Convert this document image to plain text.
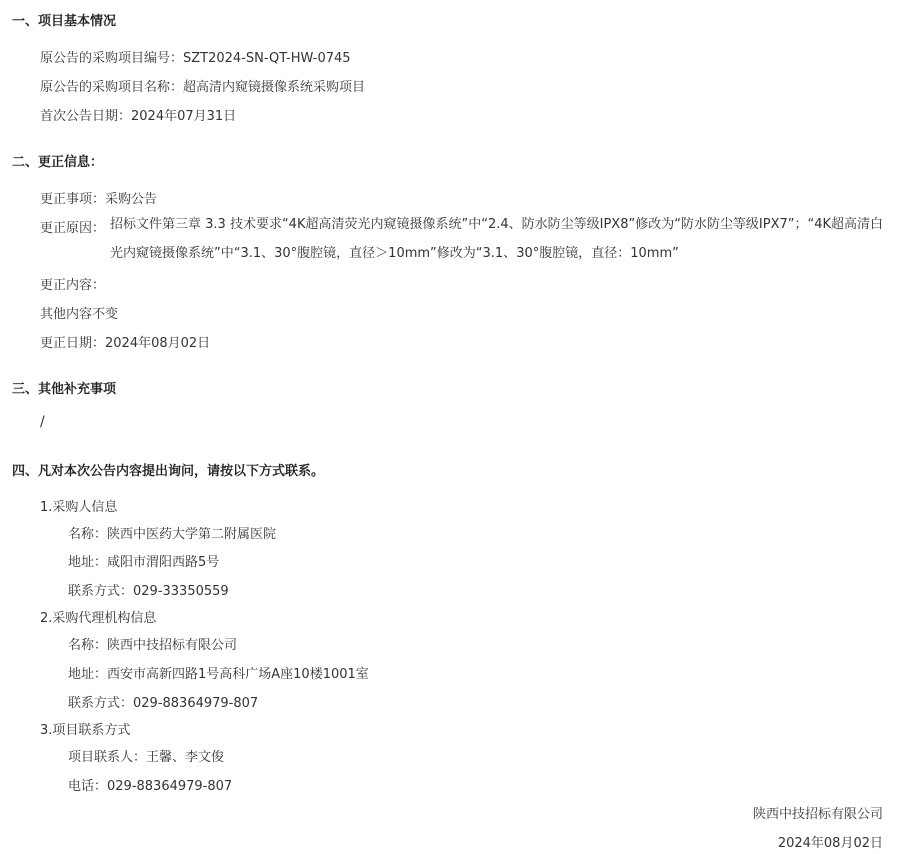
一、项目基本情况
原公告的采购项目编号：SZT2024-SN-QT-HW-0745
原公告的采购项目名称：超高清内窥镜摄像系统采购项目
首次公告日期：2024年07月31日
二、更正信息：
更正事项：采购公告
更正原因： 招标文件第三章 3.3 技术要求“4K超高清荧光内窥镜摄像系统”中“2.4、防水防尘等级IPX8”修改为“防水防尘等级IPX7”；“4K超高清白光内窥镜摄像系统”中“3.1、30°腹腔镜，直径＞10mm”修改为“3.1、30°腹腔镜，直径：10mm”
更正内容：
其他内容不变
更正日期：2024年08月02日
三、其他补充事项
/
四、凡对本次公告内容提出询问，请按以下方式联系。
1.采购人信息
名称：陕西中医药大学第二附属医院
地址：咸阳市渭阳西路5号
联系方式：029-33350559
2.采购代理机构信息
名称：陕西中技招标有限公司
地址：西安市高新四路1号高科广场A座10楼1001室
联系方式：029-88364979-807
3.项目联系方式
项目联系人：王馨、李文俊
电话：029-88364979-807
陕西中技招标有限公司
2024年08月02日
